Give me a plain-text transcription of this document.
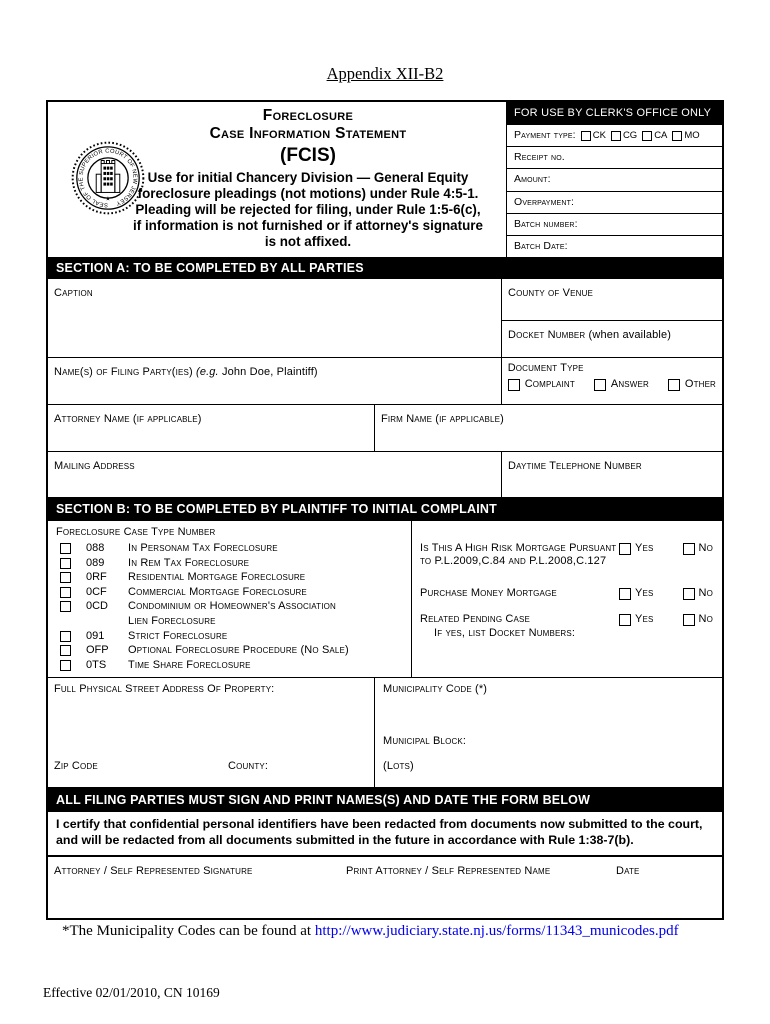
Appendix XII-B2
SEAL OF THE SUPERIOR COURT OF NEW JERSEY
★
Foreclosure
Case Information Statement
(FCIS)
Use for initial Chancery Division — General Equity
foreclosure pleadings (not motions) under Rule 4:5-1.
Pleading will be rejected for filing, under Rule 1:5-6(c),
if information is not furnished or if attorney's signature
is not affixed.
FOR USE BY CLERK'S OFFICE ONLY
Payment type: CK CG CA MO
Receipt no.
Amount:
Overpayment:
Batch number:
Batch Date:
SECTION A: TO BE COMPLETED BY ALL PARTIES
Caption	County of Venue
Docket Number (when available)
Name(s) of Filing Party(ies) (e.g. John Doe, Plaintiff)	Document Type
Complaint	Answer	Other
Attorney Name (if applicable)	Firm Name (if applicable)
Mailing Address	Daytime Telephone Number
SECTION B: TO BE COMPLETED BY PLAINTIFF TO INITIAL COMPLAINT
Foreclosure Case Type Number
088	In Personam Tax Foreclosure
089	In Rem Tax Foreclosure
0RF	Residential Mortgage Foreclosure
0CF	Commercial Mortgage Foreclosure
0CD	Condominium or Homeowner's Association
Lien Foreclosure
091	Strict Foreclosure
OFP	Optional Foreclosure Procedure (No Sale)
0TS	Time Share Foreclosure
Is This A High Risk Mortgage Pursuant
to P.L.2009,C.84 and P.L.2008,C.127
Yes	No
Purchase Money Mortgage	Yes	No
Related Pending Case
If yes, list Docket Numbers:
Yes	No
Full Physical Street Address Of Property:
Zip Code	County:
Municipality Code (*)
Municipal Block:
(Lots)
ALL FILING PARTIES MUST SIGN AND PRINT NAMES(S) AND DATE THE FORM BELOW
I certify that confidential personal identifiers have been redacted from documents now submitted to the court, and will be redacted from all documents submitted in the future in accordance with Rule 1:38-7(b).
Attorney / Self Represented Signature	Print Attorney / Self Represented Name	Date
*The Municipality Codes can be found at http://www.judiciary.state.nj.us/forms/11343_municodes.pdf
Effective 02/01/2010, CN 10169
